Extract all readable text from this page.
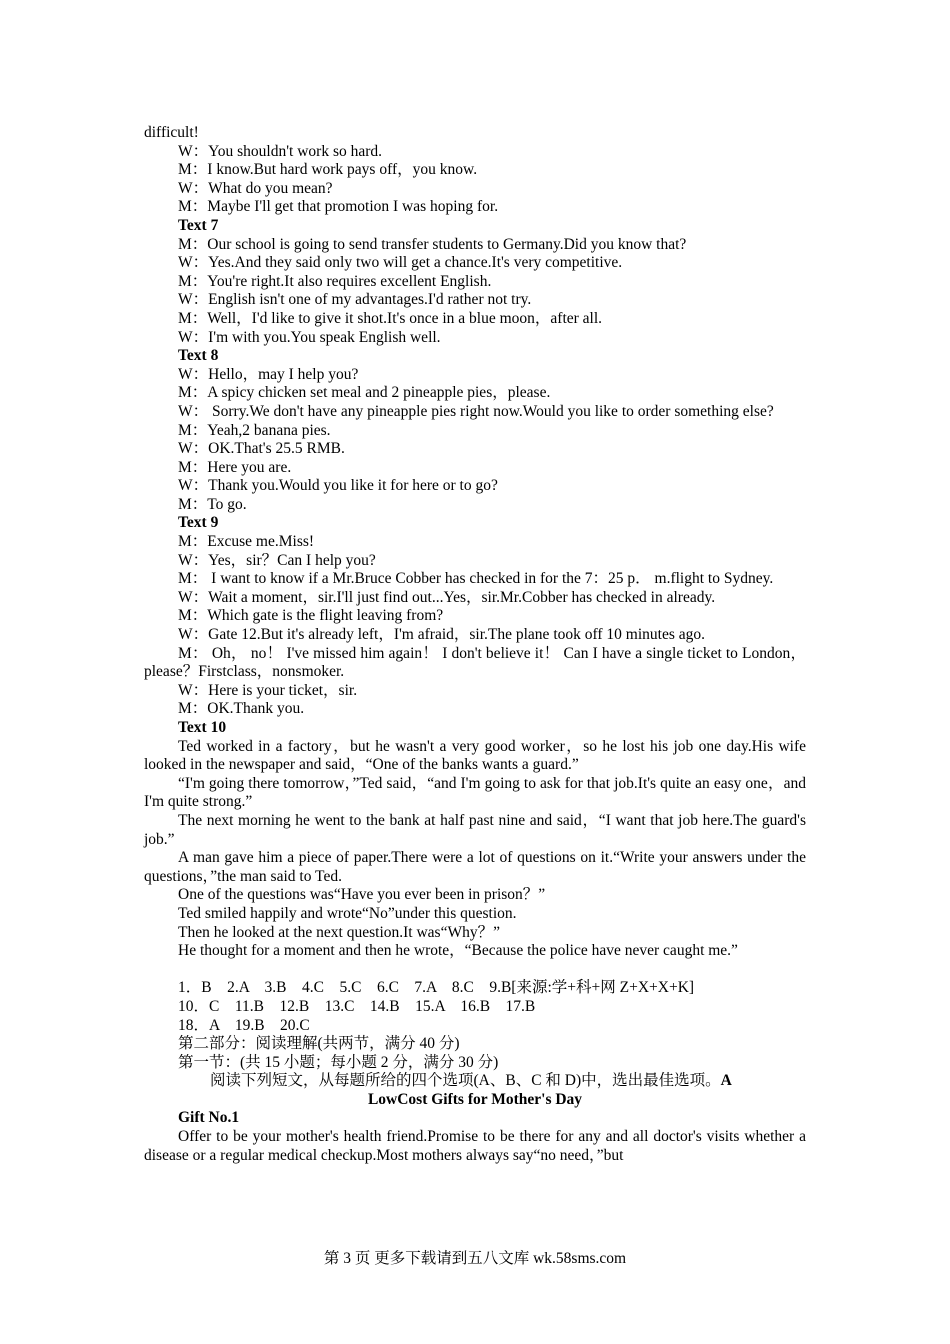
difficult!

W：You shouldn't work so hard.

M：I know.But hard work pays off，you know.

W：What do you mean?

M：Maybe I'll get that promotion I was hoping for.

Text 7

M：Our school is going to send transfer students to Germany.Did you know that?

W：Yes.And they said only two will get a chance.It's very competitive.

M：You're right.It also requires excellent English.

W：English isn't one of my advantages.I'd rather not try.

M：Well，I'd like to give it shot.It's once in a blue moon，after all.

W：I'm with you.You speak English well.

Text 8

W：Hello，may I help you?

M：A spicy chicken set meal and 2 pineapple pies，please.

W： Sorry.We don't have any pineapple pies right now.Would you like to order something else?

M：Yeah,2 banana pies.

W：OK.That's 25.5 RMB.

M：Here you are.

W：Thank you.Would you like it for here or to go?

M：To go.

Text 9

M：Excuse me.Miss!

W：Yes，sir？Can I help you?

M： I want to know if a Mr.Bruce Cobber has checked in for the 7：25 p． m.flight to Sydney.

W：Wait a moment，sir.I'll just find out...Yes，sir.Mr.Cobber has checked in already.

M：Which gate is the flight leaving from?

W：Gate 12.But it's already left，I'm afraid，sir.The plane took off 10 minutes ago.

M： Oh， no！ I've missed him again！ I don't believe it！ Can I have a single ticket to London，please？Firstclass，nonsmoker.

W：Here is your ticket，sir.

M：OK.Thank you.

Text 10

Ted worked in a factory，but he wasn't a very good worker，so he lost his job one day.His wife looked in the newspaper and said，“One of the banks wants a guard.”

“I'm going there tomorrow，”Ted said，“and I'm going to ask for that job.It's quite an easy one，and I'm quite strong.”

The next morning he went to the bank at half past nine and said，“I want that job here.The guard's job.”

A man gave him a piece of paper.There were a lot of questions on it.“Write your answers under the questions，”the man said to Ted.

One of the questions was“Have you ever been in prison？”

Ted smiled happily and wrote“No”under this question.

Then he looked at the next question.It was“Why？”

He thought for a moment and then he wrote，“Because the police have never caught me.”

1．B　2.A　3.B　4.C　5.C　6.C　7.A　8.C　9.B[来源:学+科+网 Z+X+X+K]

10．C　11.B　12.B　13.C　14.B　15.A　16.B　17.B

18．A　19.B　20.C

第二部分：阅读理解(共两节，满分 40 分)

第一节：(共 15 小题；每小题 2 分，满分 30 分)

阅读下列短文，从每题所给的四个选项(A、B、C 和 D)中，选出最佳选项。A

LowCost Gifts for Mother's Day

Gift No.1

Offer to be your mother's health friend.Promise to be there for any and all doctor's visits whether a disease or a regular medical checkup.Most mothers always say“no need，”but

第 3 页 更多下载请到五八文库 wk.58sms.com
